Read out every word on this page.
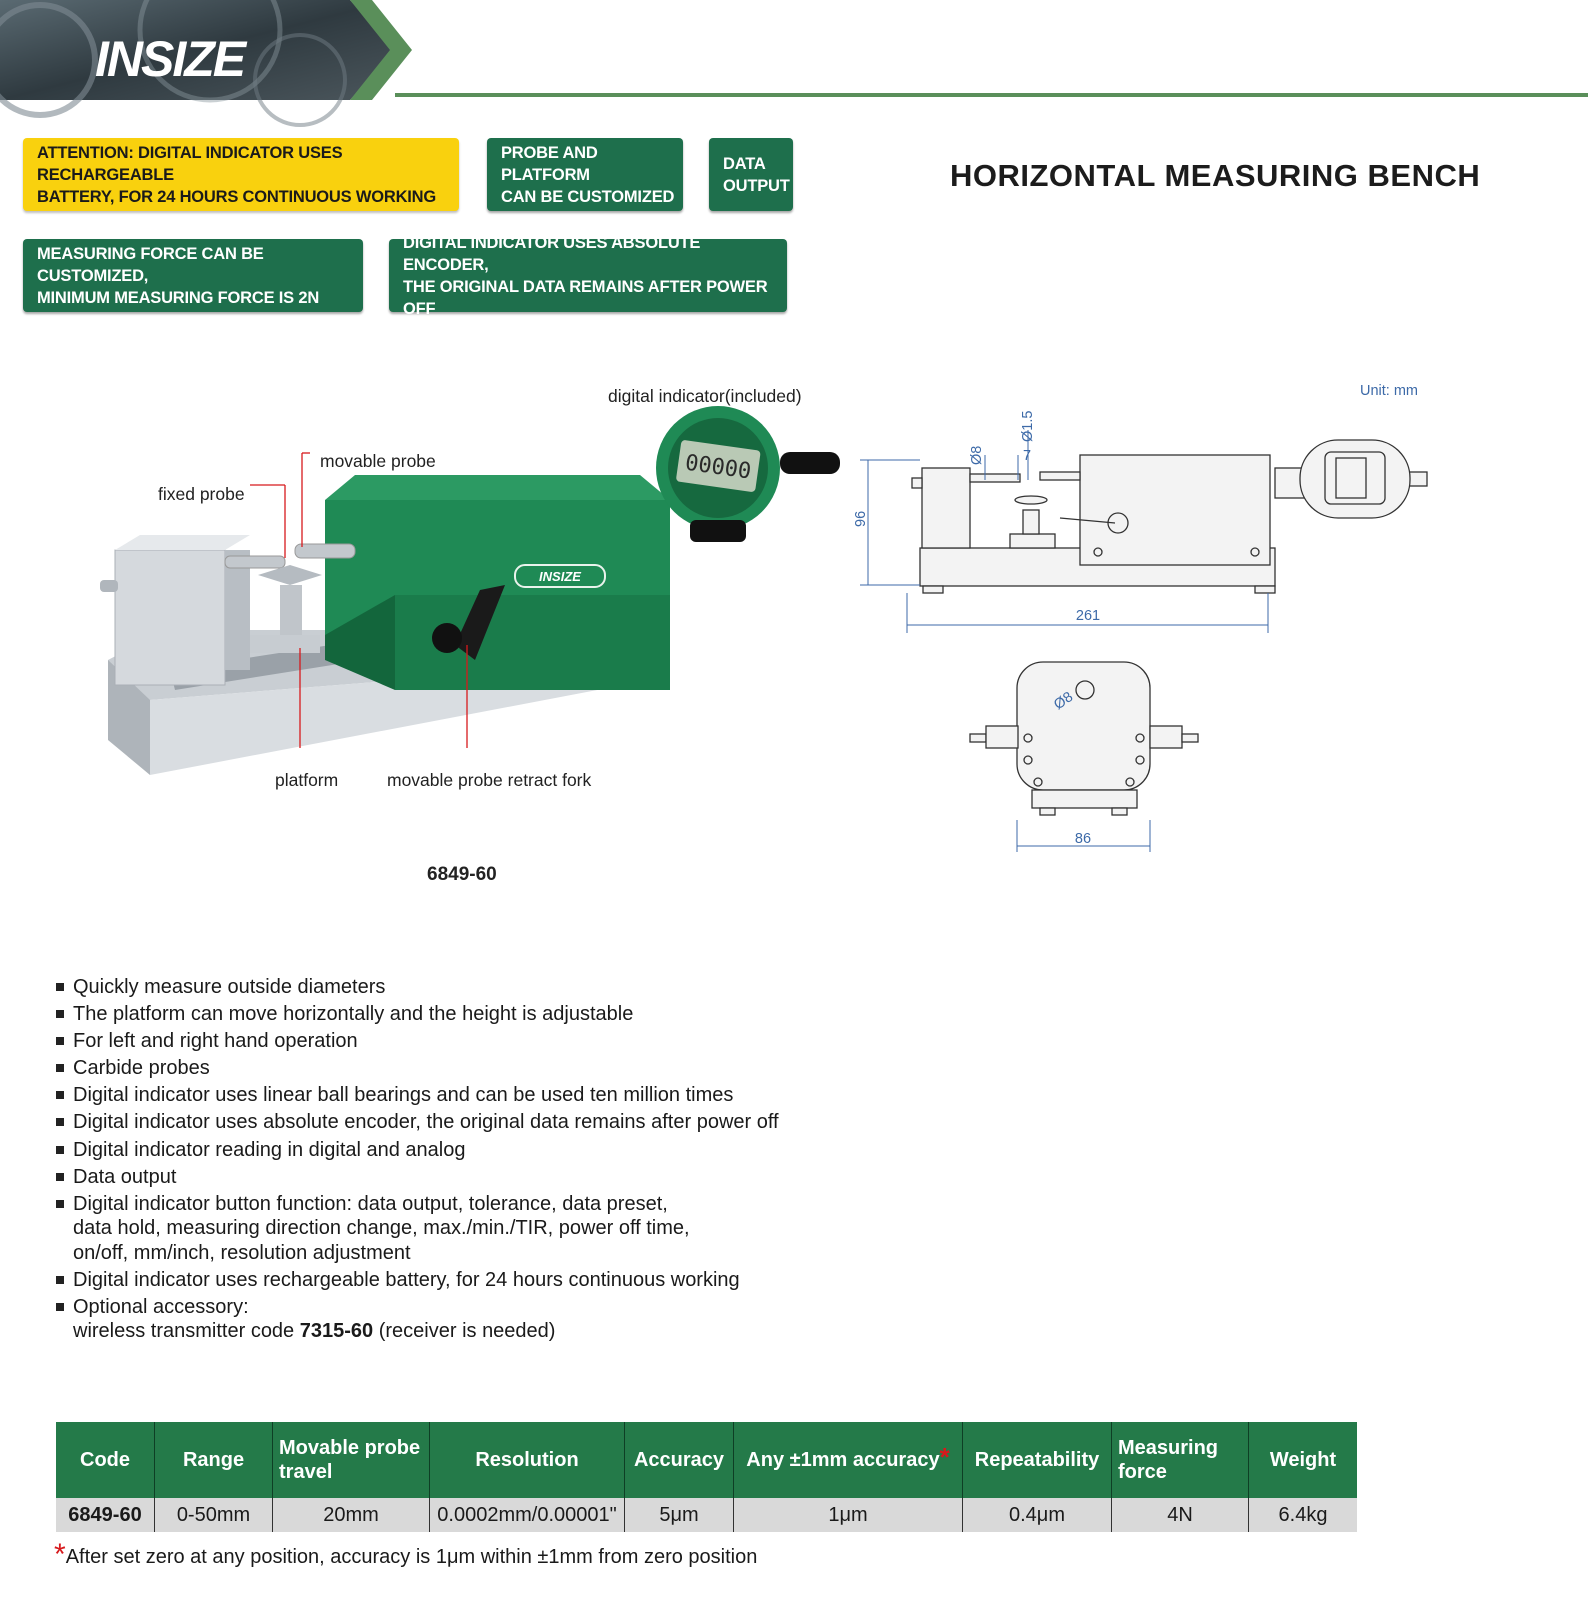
INSIZE
ATTENTION: DIGITAL INDICATOR USES RECHARGEABLE
BATTERY, FOR 24 HOURS CONTINUOUS WORKING
PROBE AND PLATFORM
CAN BE CUSTOMIZED
DATA
OUTPUT
MEASURING FORCE CAN BE CUSTOMIZED,
MINIMUM MEASURING FORCE IS 2N
DIGITAL INDICATOR USES ABSOLUTE ENCODER,
THE ORIGINAL DATA REMAINS AFTER POWER OFF
HORIZONTAL MEASURING BENCH
INSIZE
00000
digital indicator(included)
movable probe
fixed probe
platform	movable probe retract fork
6849-60
Unit: mm
96
261
Ø8	7
Ø1.5
Ø8
86
Quickly measure outside diameters
The platform can move horizontally and the height is adjustable
For left and right hand operation
Carbide probes
Digital indicator uses linear ball bearings and can be used ten million times
Digital indicator uses absolute encoder, the original data remains after power off
Digital indicator reading in digital and analog
Data output
Digital indicator button function: data output, tolerance, data preset,
data hold, measuring direction change, max./min./TIR, power off time,
on/off, mm/inch, resolution adjustment
Digital indicator uses rechargeable battery, for 24 hours continuous working
Optional accessory:
wireless transmitter code 7315-60 (receiver is needed)
Code	Range	Movable probe travel	Resolution	Accuracy	Any ±1mm accuracy*	Repeatability	Measuring force	Weight
6849-60	0-50mm	20mm	0.0002mm/0.00001"	5μm	1μm	0.4μm	4N	6.4kg
*After set zero at any position, accuracy is 1μm within ±1mm from zero position
